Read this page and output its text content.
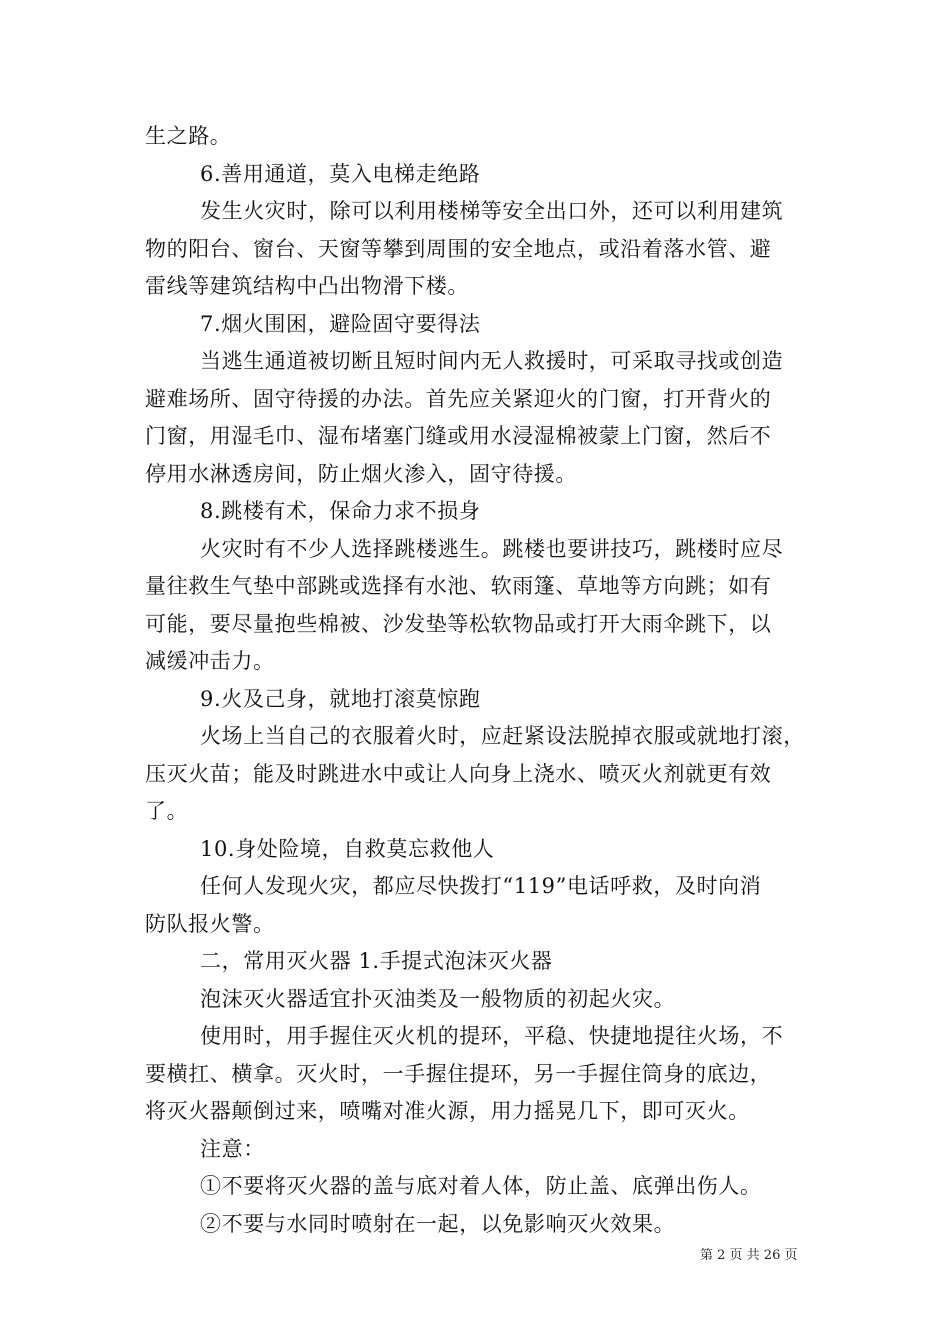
生之路。
6.善用通道，莫入电梯走绝路
发生火灾时，除可以利用楼梯等安全出口外，还可以利用建筑
物的阳台、窗台、天窗等攀到周围的安全地点，或沿着落水管、避
雷线等建筑结构中凸出物滑下楼。
7.烟火围困，避险固守要得法
当逃生通道被切断且短时间内无人救援时，可采取寻找或创造
避难场所、固守待援的办法。首先应关紧迎火的门窗，打开背火的
门窗，用湿毛巾、湿布堵塞门缝或用水浸湿棉被蒙上门窗，然后不
停用水淋透房间，防止烟火渗入，固守待援。
8.跳楼有术，保命力求不损身
火灾时有不少人选择跳楼逃生。跳楼也要讲技巧，跳楼时应尽
量往救生气垫中部跳或选择有水池、软雨篷、草地等方向跳；如有
可能，要尽量抱些棉被、沙发垫等松软物品或打开大雨伞跳下，以
减缓冲击力。
9.火及己身，就地打滚莫惊跑
火场上当自己的衣服着火时，应赶紧设法脱掉衣服或就地打滚，
压灭火苗；能及时跳进水中或让人向身上浇水、喷灭火剂就更有效
了。
10.身处险境，自救莫忘救他人
任何人发现火灾，都应尽快拨打“119”电话呼救，及时向消
防队报火警。
二，常用灭火器 1.手提式泡沫灭火器
泡沫灭火器适宜扑灭油类及一般物质的初起火灾。
使用时，用手握住灭火机的提环，平稳、快捷地提往火场，不
要横扛、横拿。灭火时，一手握住提环，另一手握住筒身的底边，
将灭火器颠倒过来，喷嘴对准火源，用力摇晃几下，即可灭火。
注意：
①不要将灭火器的盖与底对着人体，防止盖、底弹出伤人。
②不要与水同时喷射在一起，以免影响灭火效果。
第 2 页 共 26 页
